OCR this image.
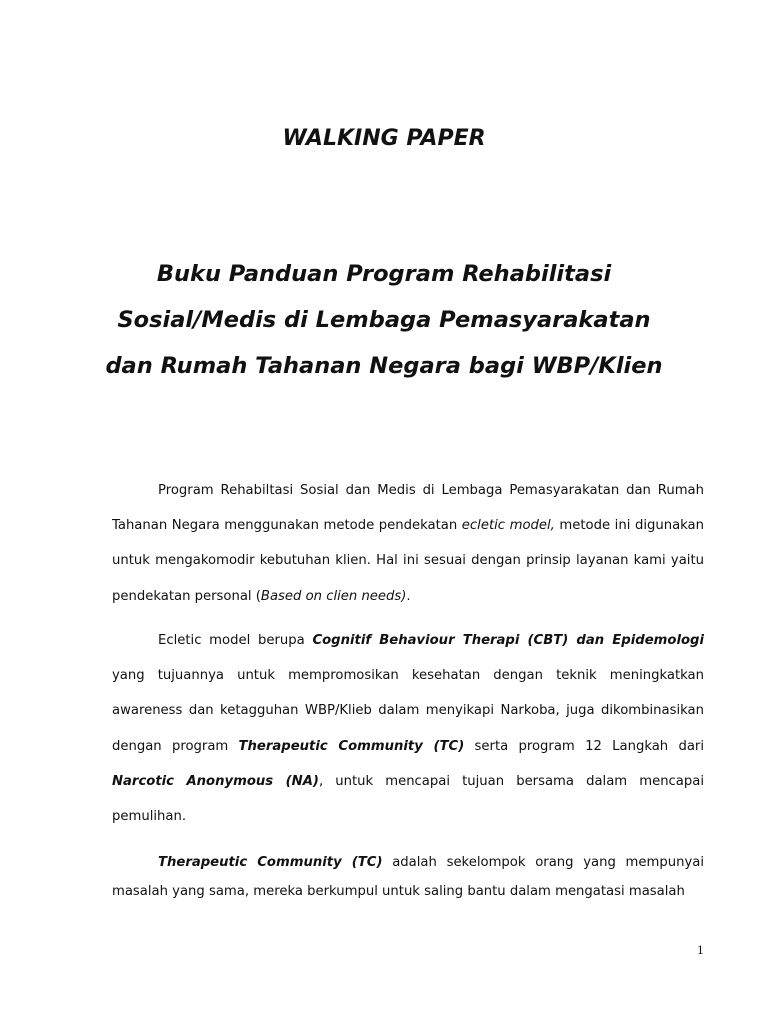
WALKING PAPER
Buku Panduan Program Rehabilitasi
Sosial/Medis di Lembaga Pemasyarakatan
dan Rumah Tahanan Negara bagi WBP/Klien

Program Rehabiltasi Sosial dan Medis di Lembaga Pemasyarakatan dan Rumah Tahanan Negara menggunakan metode pendekatan ecletic model, metode ini digunakan untuk mengakomodir kebutuhan klien. Hal ini sesuai dengan prinsip layanan kami yaitu pendekatan personal (Based on clien needs).

Ecletic model berupa Cognitif Behaviour Therapi (CBT) dan Epidemologi yang tujuannya untuk mempromosikan kesehatan dengan teknik meningkatkan awareness dan ketagguhan WBP/Klieb dalam menyikapi Narkoba, juga dikombinasikan dengan program Therapeutic Community (TC) serta program 12 Langkah dari Narcotic Anonymous (NA), untuk mencapai tujuan bersama dalam mencapai pemulihan.

Therapeutic Community (TC) adalah sekelompok orang yang mempunyai masalah yang sama, mereka berkumpul untuk saling bantu dalam mengatasi masalah

1
